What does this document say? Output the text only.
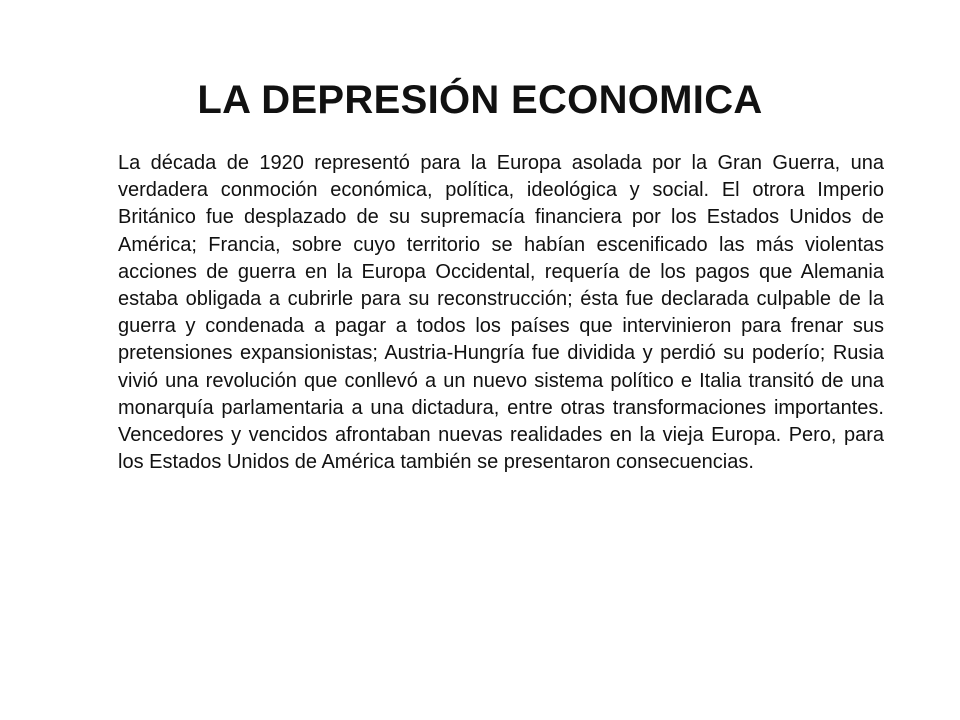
LA DEPRESIÓN ECONOMICA

La década de 1920 representó para la Europa asolada por la Gran Guerra, una verdadera conmoción económica, política, ideológica y social. El otrora Imperio Británico fue desplazado de su supremacía financiera por los Estados Unidos de América; Francia, sobre cuyo territorio se habían escenificado las más violentas acciones de guerra en la Europa Occidental, requería de los pagos que Alemania estaba obligada a cubrirle para su reconstrucción; ésta fue declarada culpable de la guerra y condenada a pagar a todos los países que intervinieron para frenar sus pretensiones expansionistas; Austria-Hungría fue dividida y perdió su poderío; Rusia vivió una revolución que conllevó a un nuevo sistema político e Italia transitó de una monarquía parlamentaria a una dictadura, entre otras transformaciones importantes. Vencedores y vencidos afrontaban nuevas realidades en la vieja Europa. Pero, para los Estados Unidos de América también se presentaron consecuencias.
